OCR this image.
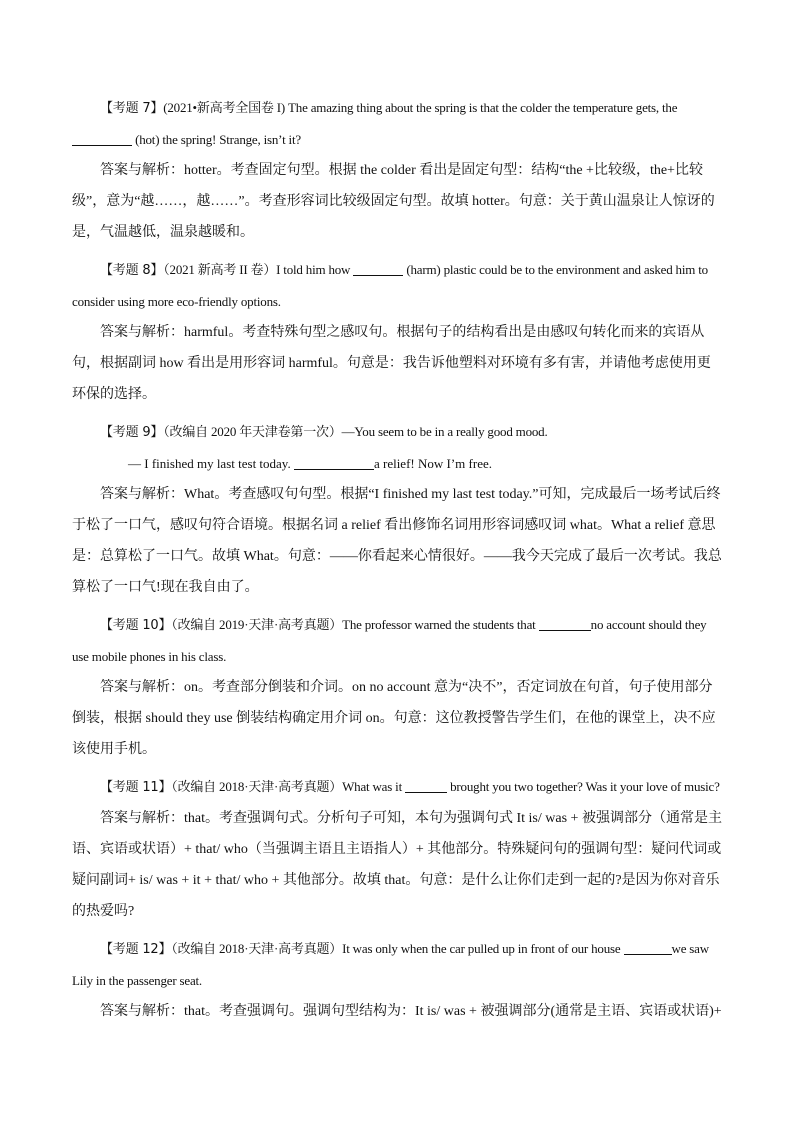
【考题 7】(2021•新高考全国卷 I) The amazing thing about the spring is that the colder the temperature gets, the  (hot) the spring! Strange, isn’t it?

答案与解析：hotter。考查固定句型。根据 the colder 看出是固定句型：结构“the +比较级，the+比较级”，意为“越……，越……”。考查形容词比较级固定句型。故填 hotter。句意：关于黄山温泉让人惊讶的是，气温越低，温泉越暖和。

【考题 8】（2021 新高考 II 卷）I told him how	(harm) plastic could be to the environment and asked him to consider using more eco-friendly options.

答案与解析：harmful。考查特殊句型之感叹句。根据句子的结构看出是由感叹句转化而来的宾语从句，根据副词 how 看出是用形容词 harmful。句意是：我告诉他塑料对环境有多有害，并请他考虑使用更环保的选择。

【考题 9】（改编自 2020 年天津卷第一次）—You seem to be in a really good mood.

— I finished my last test today.	a relief! Now I’m free.

答案与解析：What。考查感叹句句型。根据“I finished my last test today.”可知，完成最后一场考试后终于松了一口气，感叹句符合语境。根据名词 a relief 看出修饰名词用形容词感叹词 what。What a relief 意思是：总算松了一口气。故填 What。句意：——你看起来心情很好。——我今天完成了最后一次考试。我总算松了一口气!现在我自由了。

【考题 10】（改编自 2019·天津·高考真题）The professor warned the students that	no account should they use mobile phones in his class.

答案与解析：on。考查部分倒装和介词。on no account 意为“决不”，否定词放在句首，句子使用部分倒装，根据 should they use 倒装结构确定用介词 on。句意：这位教授警告学生们，在他的课堂上，决不应该使用手机。

【考题 11】（改编自 2018·天津·高考真题）What was it	brought you two together? Was it your love of music?

答案与解析：that。考查强调句式。分析句子可知，本句为强调句式 It is/ was + 被强调部分（通常是主语、宾语或状语）+ that/ who（当强调主语且主语指人）+ 其他部分。特殊疑问句的强调句型：疑问代词或疑问副词+ is/ was + it + that/ who + 其他部分。故填 that。句意：是什么让你们走到一起的?是因为你对音乐的热爱吗?

【考题 12】（改编自 2018·天津·高考真题）It was only when the car pulled up in front of our house	we saw Lily in the passenger seat.

答案与解析：that。考查强调句。强调句型结构为：It is/ was + 被强调部分(通常是主语、宾语或状语)+
